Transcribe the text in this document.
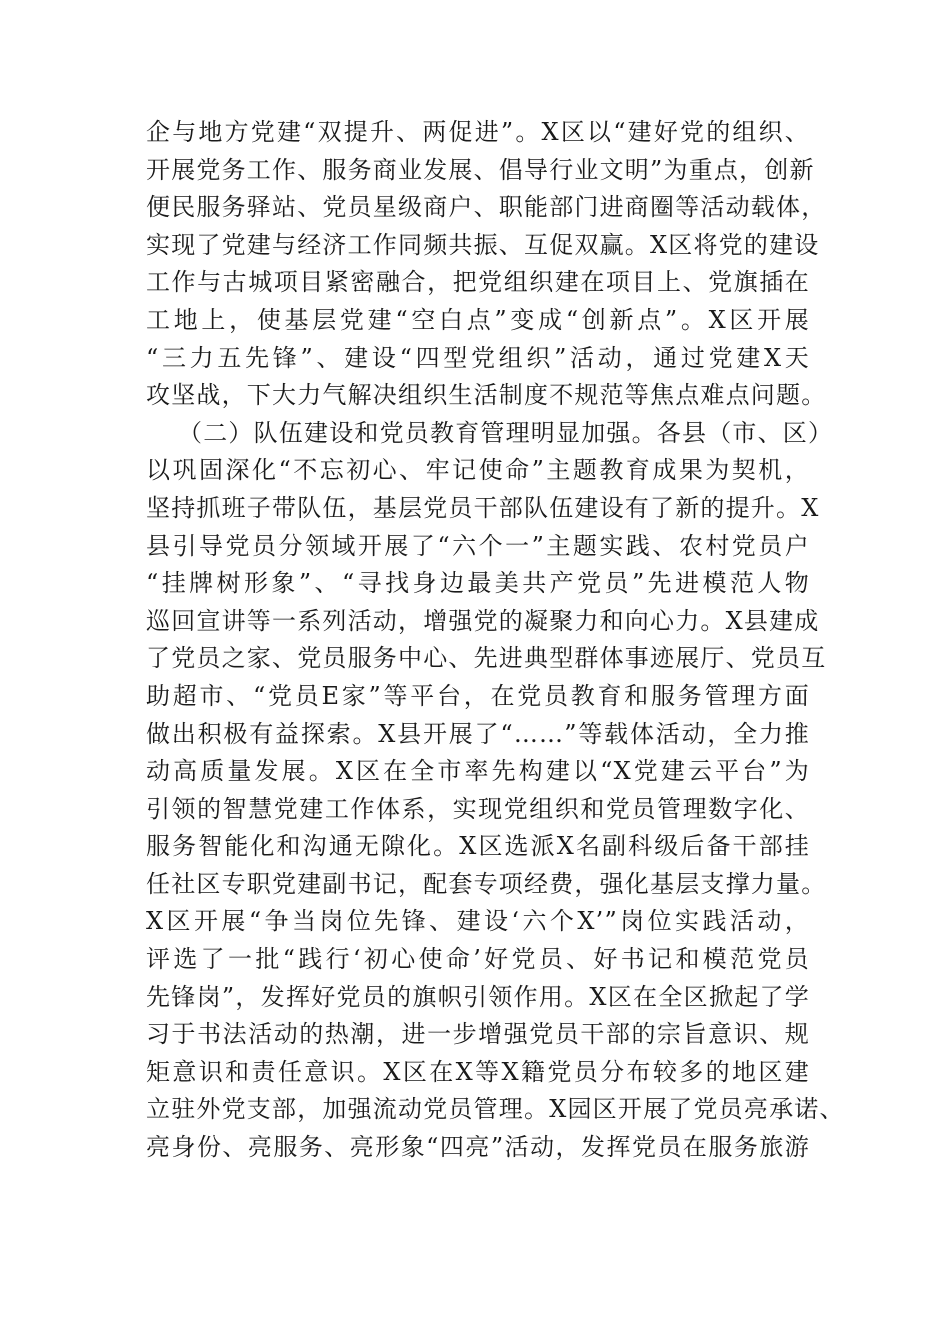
企与地方党建“双提升、两促进”。X区以“建好党的组织、
开展党务工作、服务商业发展、倡导行业文明”为重点，创新
便民服务驿站、党员星级商户、职能部门进商圈等活动载体，
实现了党建与经济工作同频共振、互促双赢。X区将党的建设
工作与古城项目紧密融合，把党组织建在项目上、党旗插在
工地上，使基层党建“空白点”变成“创新点”。X区开展
“三力五先锋”、建设“四型党组织”活动，通过党建X天
攻坚战，下大力气解决组织生活制度不规范等焦点难点问题。
（二）队伍建设和党员教育管理明显加强。各县（市、区）
以巩固深化“不忘初心、牢记使命”主题教育成果为契机，
坚持抓班子带队伍，基层党员干部队伍建设有了新的提升。X
县引导党员分领域开展了“六个一”主题实践、农村党员户
“挂牌树形象”、“寻找身边最美共产党员”先进模范人物
巡回宣讲等一系列活动，增强党的凝聚力和向心力。X县建成
了党员之家、党员服务中心、先进典型群体事迹展厅、党员互
助超市、“党员E家”等平台，在党员教育和服务管理方面
做出积极有益探索。X县开展了“……”等载体活动，全力推
动高质量发展。X区在全市率先构建以“X党建云平台”为
引领的智慧党建工作体系，实现党组织和党员管理数字化、
服务智能化和沟通无隙化。X区选派X名副科级后备干部挂
任社区专职党建副书记，配套专项经费，强化基层支撑力量。
X区开展“争当岗位先锋、建设‘六个X’”岗位实践活动，
评选了一批“践行‘初心使命’好党员、好书记和模范党员
先锋岗”，发挥好党员的旗帜引领作用。X区在全区掀起了学
习于书法活动的热潮，进一步增强党员干部的宗旨意识、规
矩意识和责任意识。X区在X等X籍党员分布较多的地区建
立驻外党支部，加强流动党员管理。X园区开展了党员亮承诺、
亮身份、亮服务、亮形象“四亮”活动，发挥党员在服务旅游
